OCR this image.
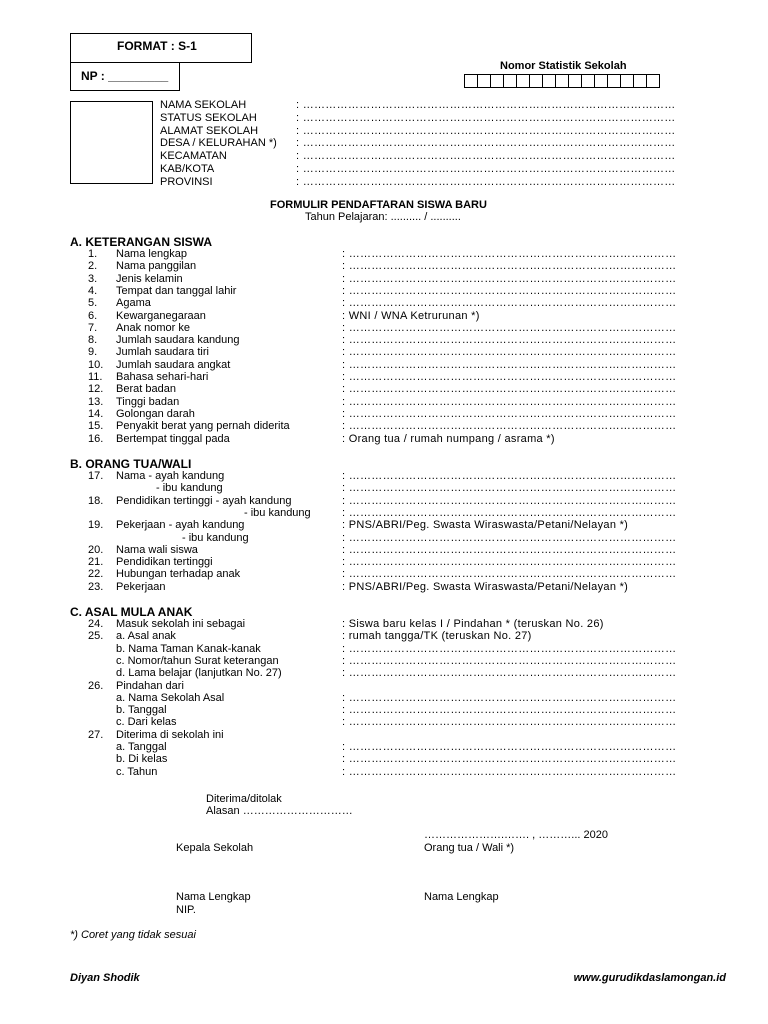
FORMAT : S-1
NP : _________
Nomor Statistik Sekolah
NAMA SEKOLAH	: ………………………………………………………………………………………
STATUS SEKOLAH	: ………………………………………………………………………………………
ALAMAT SEKOLAH	: ………………………………………………………………………………………
DESA / KELURAHAN *) : ………………………………………………………………………………………
KECAMATAN	: ………………………………………………………………………………………
KAB/KOTA	: ………………………………………………………………………………………
PROVINSI	: ………………………………………………………………………………………
FORMULIR PENDAFTARAN SISWA BARU
Tahun Pelajaran: .......... / ..........
A. KETERANGAN SISWA
B. ORANG TUA/WALI
C. ASAL MULA ANAK
1. Nama lengkap	: ……………………………………………………………………………
2. Nama panggilan	: ……………………………………………………………………………
3. Jenis kelamin	: ……………………………………………………………………………
4. Tempat dan tanggal lahir	: ……………………………………………………………………………
5. Agama	: ……………………………………………………………………………
6. Kewarganegaraan	: WNI / WNA Ketrurunan *)
7. Anak nomor ke	: ……………………………………………………………………………
8. Jumlah saudara kandung	: ……………………………………………………………………………
9. Jumlah saudara tiri	: ……………………………………………………………………………
10. Jumlah saudara angkat	: ……………………………………………………………………………
11. Bahasa sehari-hari	: ……………………………………………………………………………
12. Berat badan	: ……………………………………………………………………………
13. Tinggi badan	: ……………………………………………………………………………
14. Golongan darah	: ……………………………………………………………………………
15. Penyakit berat yang pernah diderita	: ……………………………………………………………………………
16. Bertempat tinggal pada	: Orang tua / rumah numpang / asrama *)
17. Nama - ayah kandung	: ……………………………………………………………………………
- ibu kandung	: ……………………………………………………………………………
18. Pendidikan tertinggi - ayah kandung	: ……………………………………………………………………………
- ibu kandung	: ……………………………………………………………………………
19. Pekerjaan - ayah kandung	: PNS/ABRI/Peg. Swasta Wiraswasta/Petani/Nelayan *)
- ibu kandung	: ……………………………………………………………………………
20. Nama wali siswa	: ……………………………………………………………………………
21. Pendidikan tertinggi	: ……………………………………………………………………………
22. Hubungan terhadap anak	: ……………………………………………………………………………
23. Pekerjaan	: PNS/ABRI/Peg. Swasta Wiraswasta/Petani/Nelayan *)
24. Masuk sekolah ini sebagai	: Siswa baru kelas I / Pindahan * (teruskan No. 26)
25. a. Asal anak	: rumah tangga/TK (teruskan No. 27)
b. Nama Taman Kanak-kanak	: ……………………………………………………………………………
c. Nomor/tahun Surat keterangan	: ……………………………………………………………………………
d. Lama belajar (lanjutkan No. 27)	: ……………………………………………………………………………
26. Pindahan dari
a. Nama Sekolah Asal	: ……………………………………………………………………………
b. Tanggal	: ……………………………………………………………………………
c. Dari kelas	: ……………………………………………………………………………
27. Diterima di sekolah ini
a. Tanggal	: ……………………………………………………………………………
b. Di kelas	: ……………………………………………………………………………
c. Tahun	: ……………………………………………………………………………
Diterima/ditolak
Alasan …………………………
………………….……. , ………... 2020
Kepala Sekolah	Orang tua / Wali *)
Nama Lengkap
NIP.
Nama Lengkap
*) Coret yang tidak sesuai
Diyan Shodik	www.gurudikdaslamongan.id
